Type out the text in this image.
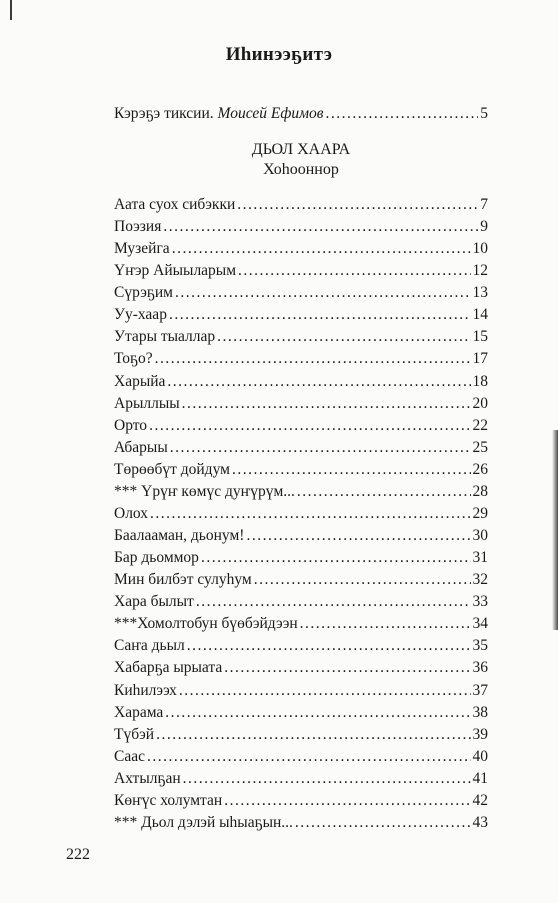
Иһинээҕитэ
Кэрэҕэ тиксии. Моисей Ефимов .....	5
ДЬОЛ ХААРА
Хоһооннор
Аата суох сибэкки .....	7
Поэзия .....	9
Музейга .....	10
Үҥэр Айыыларым .....	12
Сүрэҕим .....	13
Уу-хаар .....	14
Утары тыаллар .....	15
Тоҕо? .....	17
Харыйа .....	18
Арыллыы .....	20
Орто .....	22
Абарыы .....	25
Төрөөбүт дойдум .....	26
*** Үрүҥ көмүс дуҥүрүм... .....	28
Олох .....	29
Баалааман, дьонум! .....	30
Бар дьоммор .....	31
Мин билбэт сулуһум .....	32
Хара былыт .....	33
***Хомолтобун бүөбэйдээн .....	34
Саҥа дьыл .....	35
Хабарҕа ырыата .....	36
Киһилээх .....	37
Харама .....	38
Түбэй .....	39
Саас .....	40
Ахтылҕан .....	41
Көҥүс холумтан .....	42
*** Дьол дэлэй ыһыаҕын... .....	43
222
